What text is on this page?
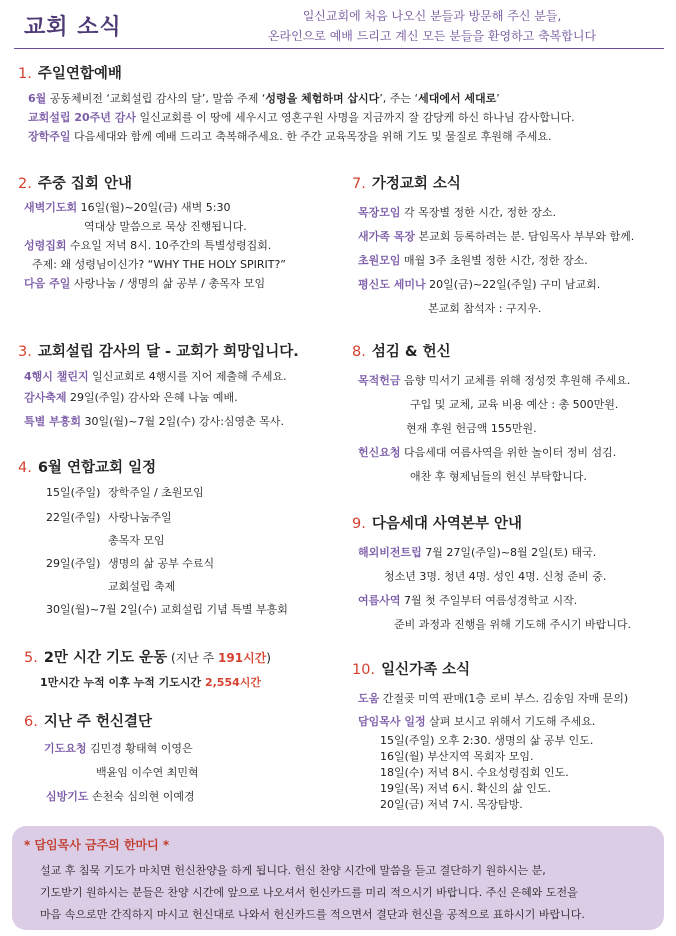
교회 소식	일신교회에 처음 나오신 분들과 방문해 주신 분들,
온라인으로 예배 드리고 계신 모든 분들을 환영하고 축복합니다
1. 주일연합예배
6월 공동체비전 ‘교회설립 감사의 달’, 말씀 주제 ‘성령을 체험하며 삽시다’, 주는 ‘세대에서 세대로’
교회설립 20주년 감사 일신교회를 이 땅에 세우시고 영혼구원 사명을 지금까지 잘 감당케 하신 하나님 감사합니다.
장학주일 다음세대와 함께 예배 드리고 축복해주세요. 한 주간 교육목장을 위해 기도 및 물질로 후원해 주세요.
2. 주중 집회 안내
새벽기도회 16일(월)~20일(금) 새벽 5:30
역대상 말씀으로 묵상 진행됩니다.
성령집회 수요일 저녁 8시. 10주간의 특별성령집회.
주제: 왜 성령님이신가? “WHY THE HOLY SPIRIT?”
다음 주일 사랑나눔 / 생명의 삶 공부 / 총목자 모임
3. 교회설립 감사의 달 - 교회가 희망입니다.
4행시 챌린지 일신교회로 4행시를 지어 제출해 주세요.
감사축제 29일(주일) 감사와 은혜 나눔 예배.
특별 부흥회 30일(월)~7월 2일(수) 강사:심영춘 목사.
4. 6월 연합교회 일정
15일(주일) 장학주일 / 초원모임
22일(주일) 사랑나눔주일
총목자 모임
29일(주일) 생명의 삶 공부 수료식
교회설립 축제
30일(월)~7월 2일(수) 교회설립 기념 특별 부흥회
5. 2만 시간 기도 운동 (지난 주 191시간)
1만시간 누적 이후 누적 기도시간 2,554시간
6. 지난 주 헌신결단
기도요청 김민경 황태혁 이영은
백윤임 이수연 최민혁
심방기도 손천숙 심의현 이예경
7. 가정교회 소식
목장모임 각 목장별 정한 시간, 정한 장소.
새가족 목장 본교회 등록하려는 분. 담임목사 부부와 함께.
초원모임 매월 3주 초원별 정한 시간, 정한 장소.
평신도 세미나 20일(금)~22일(주일) 구미 남교회.
본교회 참석자 : 구지우.
8. 섬김 & 헌신
목적헌금 음향 믹서기 교체를 위해 정성껏 후원해 주세요.
구입 및 교체, 교육 비용 예산 : 총 500만원.
현재 후원 헌금액 155만원.
헌신요청 다음세대 여름사역을 위한 놀이터 정비 섬김.
애찬 후 형제님들의 헌신 부탁합니다.
9. 다음세대 사역본부 안내
해외비전트립 7월 27일(주일)~8월 2일(토) 태국.
청소년 3명. 청년 4명. 성인 4명. 신청 준비 중.
여름사역 7월 첫 주일부터 여름성경학교 시작.
준비 과정과 진행을 위해 기도해 주시기 바랍니다.
10. 일신가족 소식
도움 간절곶 미역 판매(1층 로비 부스. 김송임 자매 문의)
담임목사 일정 살펴 보시고 위해서 기도해 주세요.
15일(주일) 오후 2:30. 생명의 삶 공부 인도.
16일(월) 부산지역 목회자 모임.
18일(수) 저녁 8시. 수요성령집회 인도.
19일(목) 저녁 6시. 확신의 삶 인도.
20일(금) 저녁 7시. 목장탐방.
* 담임목사 금주의 한마디 *
설교 후 침묵 기도가 마치면 헌신찬양을 하게 됩니다. 헌신 찬양 시간에 말씀을 듣고 결단하기 원하시는 분,
기도받기 원하시는 분들은 찬양 시간에 앞으로 나오셔서 헌신카드를 미리 적으시기 바랍니다. 주신 은혜와 도전을
마음 속으로만 간직하지 마시고 헌신대로 나와서 헌신카드를 적으면서 결단과 헌신을 공적으로 표하시기 바랍니다.
